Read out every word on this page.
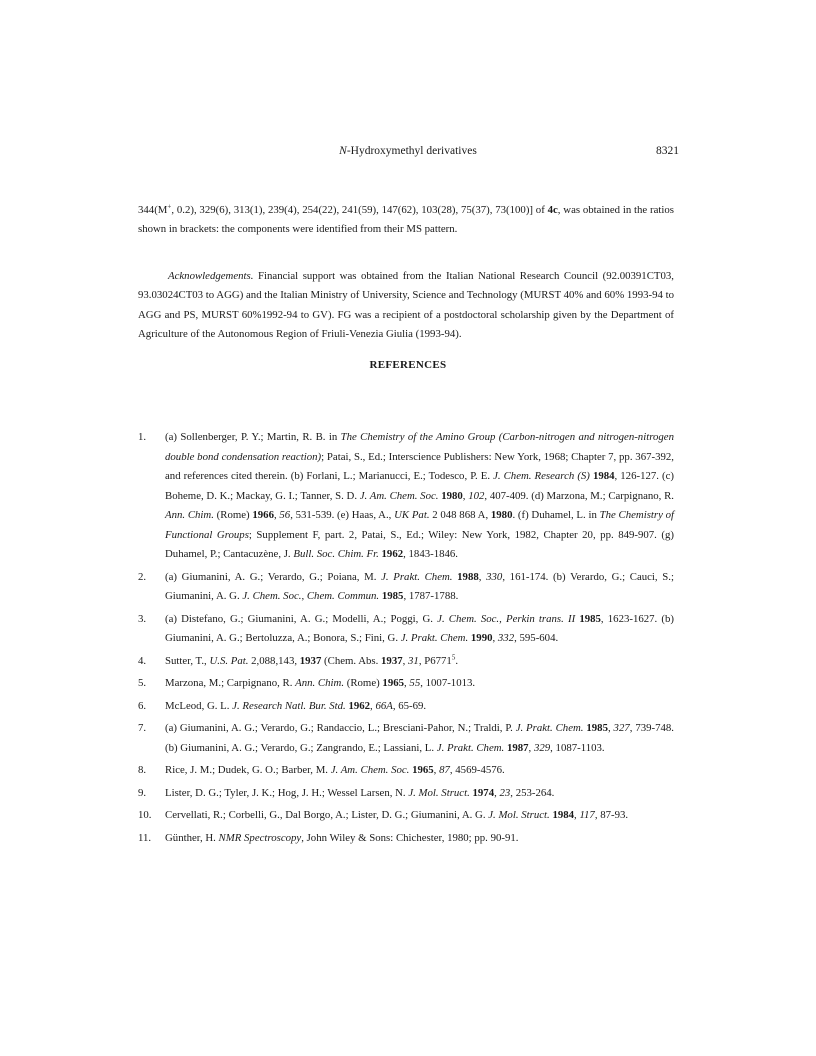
N-Hydroxymethyl derivatives	8321

344(M+, 0.2), 329(6), 313(1), 239(4), 254(22), 241(59), 147(62), 103(28), 75(37), 73(100)] of 4c, was obtained in the ratios shown in brackets: the components were identified from their MS pattern.

Acknowledgements. Financial support was obtained from the Italian National Research Council (92.00391CT03, 93.03024CT03 to AGG) and the Italian Ministry of University, Science and Technology (MURST 40% and 60% 1993-94 to AGG and PS, MURST 60%1992-94 to GV). FG was a recipient of a postdoctoral scholarship given by the Department of Agriculture of the Autonomous Region of Friuli-Venezia Giulia (1993-94).

REFERENCES
1. (a) Sollenberger, P. Y.; Martin, R. B. in The Chemistry of the Amino Group (Carbon-nitrogen and nitrogen-nitrogen double bond condensation reaction); Patai, S., Ed.; Interscience Publishers: New York, 1968; Chapter 7, pp. 367-392, and references cited therein. (b) Forlani, L.; Marianucci, E.; Todesco, P. E. J. Chem. Research (S) 1984, 126-127. (c) Boheme, D. K.; Mackay, G. I.; Tanner, S. D. J. Am. Chem. Soc. 1980, 102, 407-409. (d) Marzona, M.; Carpignano, R. Ann. Chim. (Rome) 1966, 56, 531-539. (e) Haas, A., UK Pat. 2 048 868 A, 1980. (f) Duhamel, L. in The Chemistry of Functional Groups; Supplement F, part. 2, Patai, S., Ed.; Wiley: New York, 1982, Chapter 20, pp. 849-907. (g) Duhamel, P.; Cantacuzène, J. Bull. Soc. Chim. Fr. 1962, 1843-1846.
2. (a) Giumanini, A. G.; Verardo, G.; Poiana, M. J. Prakt. Chem. 1988, 330, 161-174. (b) Verardo, G.; Cauci, S.; Giumanini, A. G. J. Chem. Soc., Chem. Commun. 1985, 1787-1788.
3. (a) Distefano, G.; Giumanini, A. G.; Modelli, A.; Poggi, G. J. Chem. Soc., Perkin trans. II 1985, 1623-1627. (b) Giumanini, A. G.; Bertoluzza, A.; Bonora, S.; Fini, G. J. Prakt. Chem. 1990, 332, 595-604.
4. Sutter, T., U.S. Pat. 2,088,143, 1937 (Chem. Abs. 1937, 31, P6771$^5$.
5. Marzona, M.; Carpignano, R. Ann. Chim. (Rome) 1965, 55, 1007-1013.
6. McLeod, G. L. J. Research Natl. Bur. Std. 1962, 66A, 65-69.
7. (a) Giumanini, A. G.; Verardo, G.; Randaccio, L.; Bresciani-Pahor, N.; Traldi, P. J. Prakt. Chem. 1985, 327, 739-748. (b) Giumanini, A. G.; Verardo, G.; Zangrando, E.; Lassiani, L. J. Prakt. Chem. 1987, 329, 1087-1103.
8. Rice, J. M.; Dudek, G. O.; Barber, M. J. Am. Chem. Soc. 1965, 87, 4569-4576.
9. Lister, D. G.; Tyler, J. K.; Hog, J. H.; Wessel Larsen, N. J. Mol. Struct. 1974, 23, 253-264.
10. Cervellati, R.; Corbelli, G., Dal Borgo, A.; Lister, D. G.; Giumanini, A. G. J. Mol. Struct. 1984, 117, 87-93.
11. Günther, H. NMR Spectroscopy, John Wiley & Sons: Chichester, 1980; pp. 90-91.
